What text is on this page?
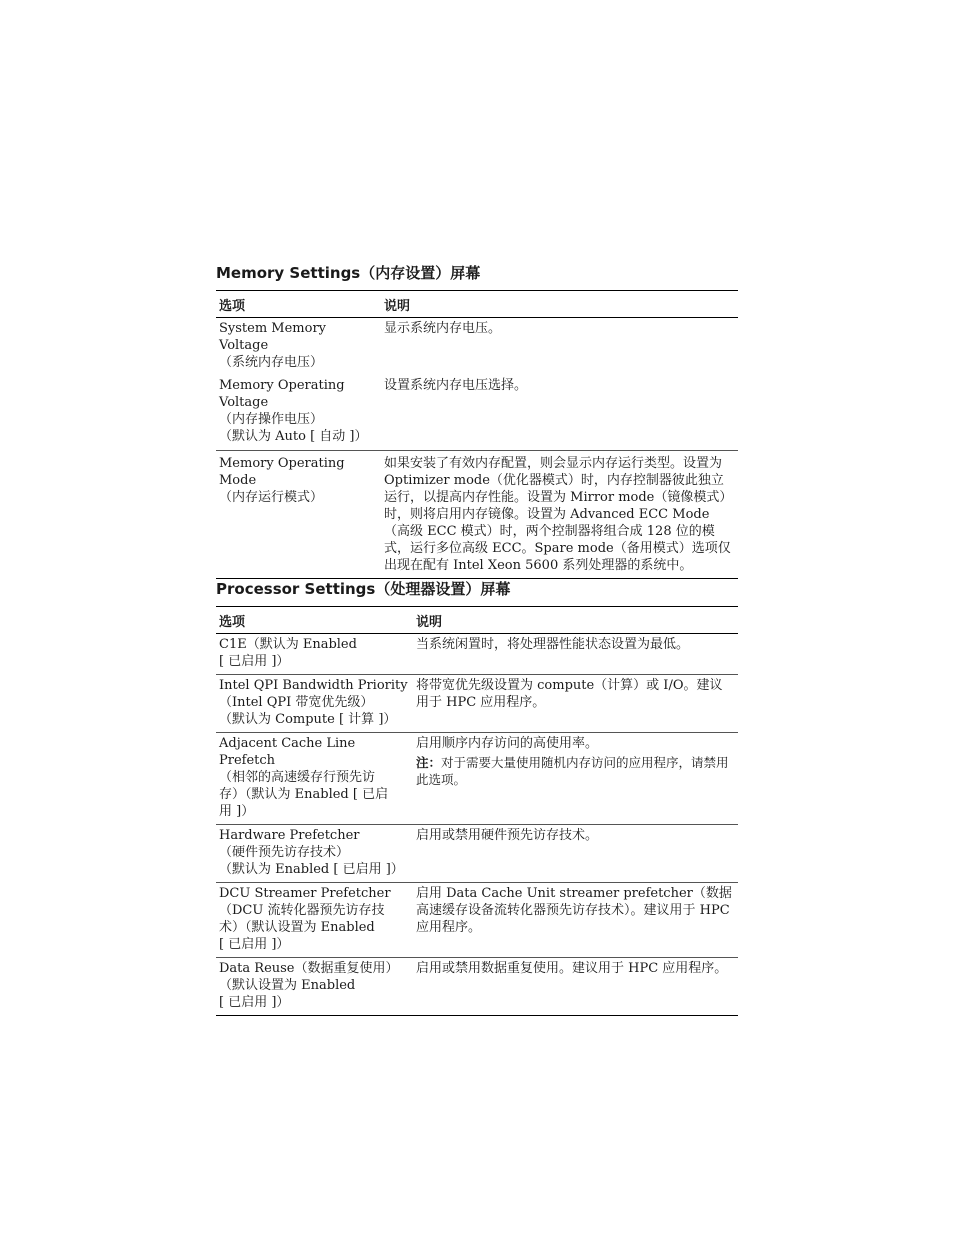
Memory Settings（内存设置）屏幕
选项	说明

System Memory Voltage
（系统内存电压）	显示系统内存电压。

Memory Operating Voltage
（内存操作电压）
（默认为 Auto [ 自动 ]）	设置系统内存电压选择。

Memory Operating Mode
（内存运行模式）	如果安装了有效内存配置，则会显示内存运行类型。设置为 Optimizer mode（优化器模式）时，内存控制器彼此独立运行，以提高内存性能。设置为 Mirror mode（镜像模式）时，则将启用内存镜像。设置为 Advanced ECC Mode（高级 ECC 模式）时，两个控制器将组合成 128 位的模式，运行多位高级 ECC。Spare mode（备用模式）选项仅出现在配有 Intel Xeon 5600 系列处理器的系统中。
Processor Settings（处理器设置）屏幕
选项	说明

C1E（默认为 Enabled
[ 已启用 ]）	当系统闲置时，将处理器性能状态设置为最低。

Intel QPI Bandwidth Priority
（Intel QPI 带宽优先级）
（默认为 Compute [ 计算 ]）	将带宽优先级设置为 compute（计算）或 I/O。建议用于 HPC 应用程序。

Adjacent Cache Line Prefetch
（相邻的高速缓存行预先访
存）（默认为 Enabled [ 已启
用 ]）	启用顺序内存访问的高使用率。
注：对于需要大量使用随机内存访问的应用程序，请禁用此选项。

Hardware Prefetcher
（硬件预先访存技术）
（默认为 Enabled [ 已启用 ]）	启用或禁用硬件预先访存技术。

DCU Streamer Prefetcher
（DCU 流转化器预先访存技
术）（默认设置为 Enabled
[ 已启用 ]）	启用 Data Cache Unit streamer prefetcher（数据高速缓存设备流转化器预先访存技术）。建议用于 HPC 应用程序。

Data Reuse（数据重复使用）
（默认设置为 Enabled
[ 已启用 ]）	启用或禁用数据重复使用。建议用于 HPC 应用程序。
